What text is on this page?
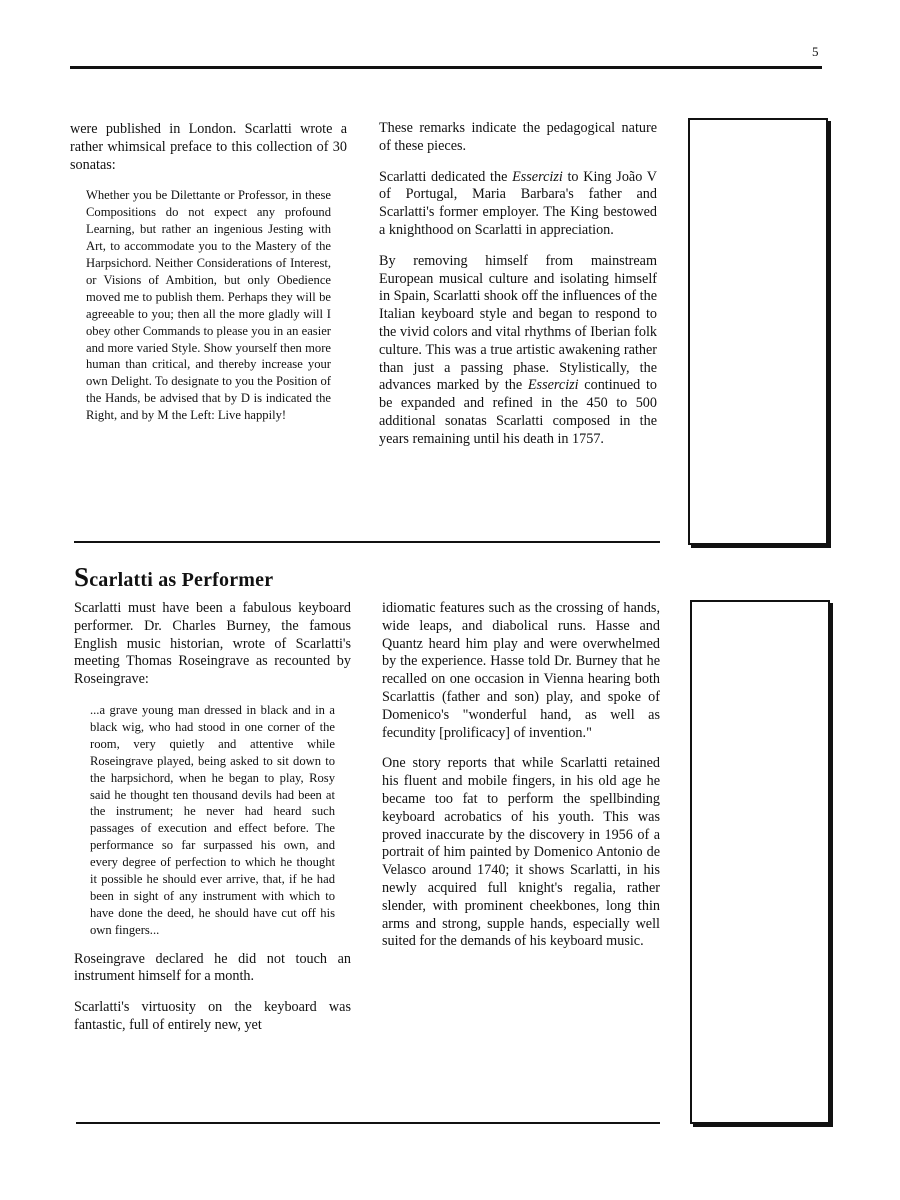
5

were published in London. Scarlatti wrote a rather whimsical preface to this collection of 30 sonatas:

Whether you be Dilettante or Professor, in these Compositions do not expect any profound Learning, but rather an ingenious Jesting with Art, to accommodate you to the Mastery of the Harpsichord. Neither Considerations of Interest, or Visions of Ambition, but only Obedience moved me to publish them. Perhaps they will be agreeable to you; then all the more gladly will I obey other Commands to please you in an easier and more varied Style. Show yourself then more human than critical, and thereby increase your own Delight. To designate to you the Position of the Hands, be advised that by D is indicated the Right, and by M the Left: Live happily!

These remarks indicate the pedagogical nature of these pieces.

Scarlatti dedicated the Essercizi to King João V of Portugal, Maria Barbara's father and Scarlatti's former employer. The King bestowed a knighthood on Scarlatti in appreciation.

By removing himself from mainstream European musical culture and isolating himself in Spain, Scarlatti shook off the influences of the Italian keyboard style and began to respond to the vivid colors and vital rhythms of Iberian folk culture. This was a true artistic awakening rather than just a passing phase. Stylistically, the advances marked by the Essercizi continued to be expanded and refined in the 450 to 500 additional sonatas Scarlatti composed in the years remaining until his death in 1757.

Scarlatti as Performer

Scarlatti must have been a fabulous keyboard performer. Dr. Charles Burney, the famous English music historian, wrote of Scarlatti's meeting Thomas Roseingrave as recounted by Roseingrave:

...a grave young man dressed in black and in a black wig, who had stood in one corner of the room, very quietly and attentive while Roseingrave played, being asked to sit down to the harpsichord, when he began to play, Rosy said he thought ten thousand devils had been at the instrument; he never had heard such passages of execution and effect before. The performance so far surpassed his own, and every degree of perfection to which he thought it possible he should ever arrive, that, if he had been in sight of any instrument with which to have done the deed, he should have cut off his own fingers...

Roseingrave declared he did not touch an instrument himself for a month.

Scarlatti's virtuosity on the keyboard was fantastic, full of entirely new, yet

idiomatic features such as the crossing of hands, wide leaps, and diabolical runs. Hasse and Quantz heard him play and were overwhelmed by the experience. Hasse told Dr. Burney that he recalled on one occasion in Vienna hearing both Scarlattis (father and son) play, and spoke of Domenico's "wonderful hand, as well as fecundity [prolificacy] of invention."

One story reports that while Scarlatti retained his fluent and mobile fingers, in his old age he became too fat to perform the spellbinding keyboard acrobatics of his youth. This was proved inaccurate by the discovery in 1956 of a portrait of him painted by Domenico Antonio de Velasco around 1740; it shows Scarlatti, in his newly acquired full knight's regalia, rather slender, with prominent cheekbones, long thin arms and strong, supple hands, especially well suited for the demands of his keyboard music.
